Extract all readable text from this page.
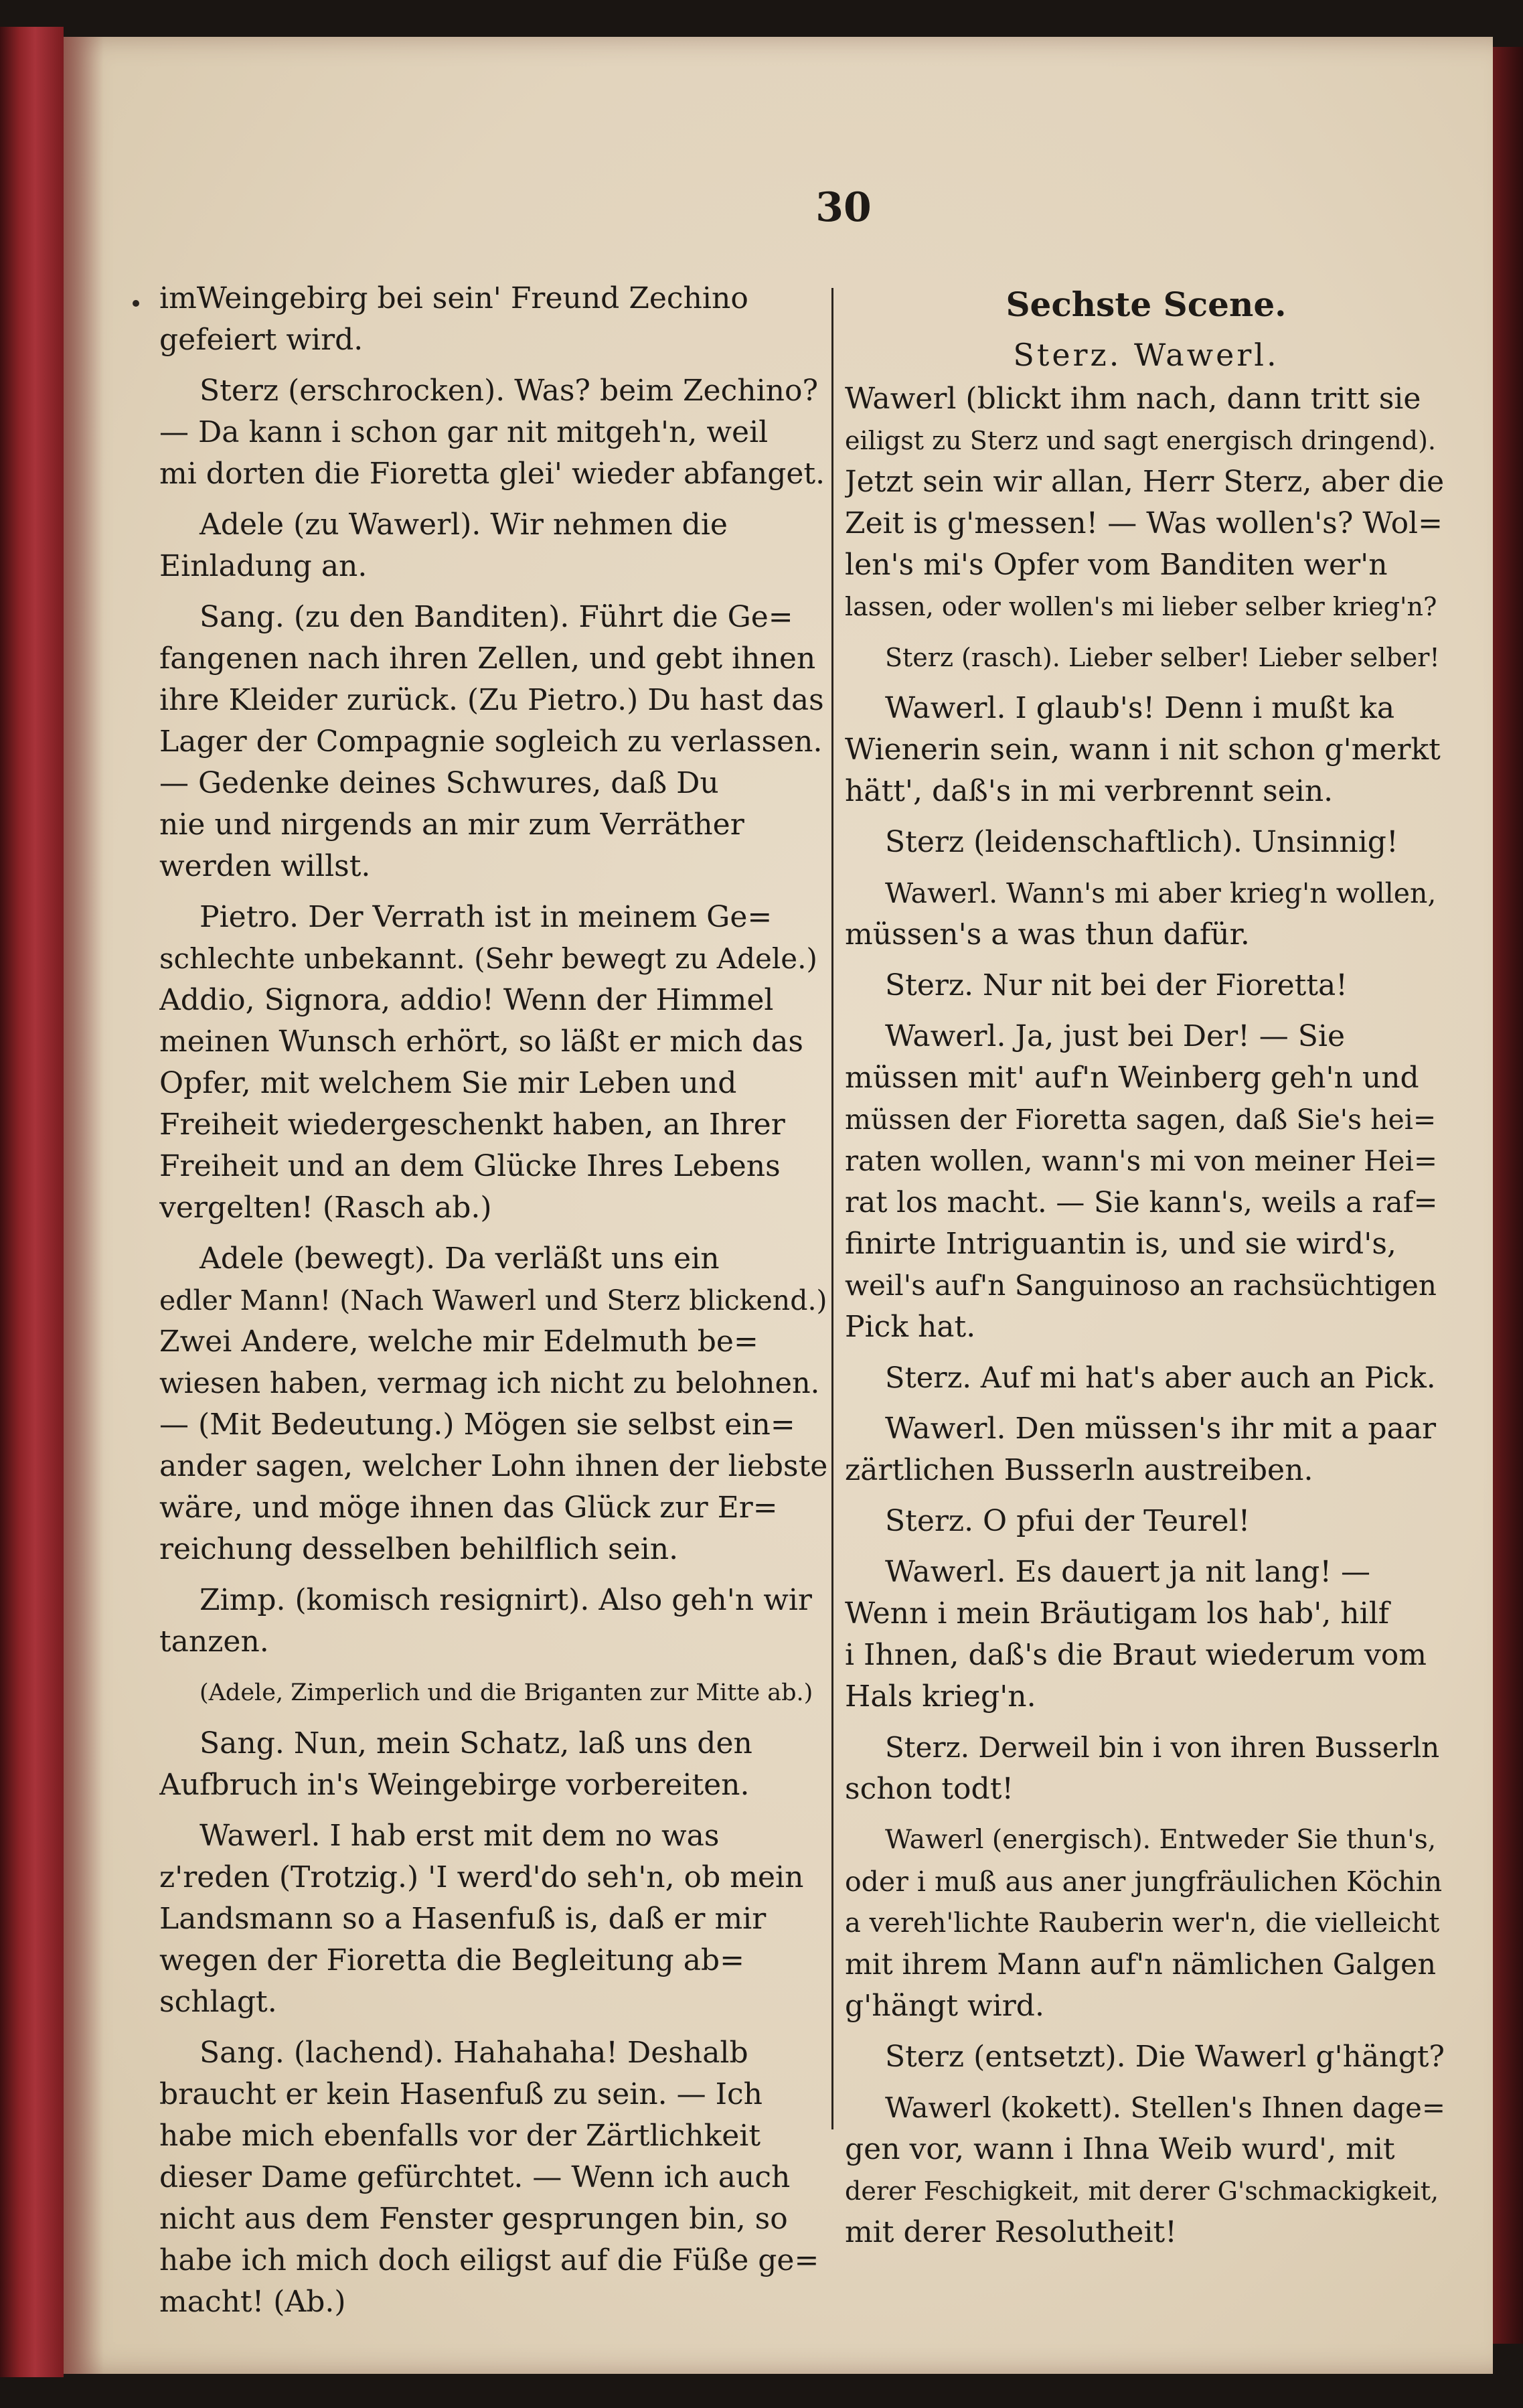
30
imWeingebirg bei sein' Freund Zechino
gefeiert wird.
Sterz (erschrocken). Was? beim Zechino?
— Da kann i schon gar nit mitgeh'n, weil
mi dorten die Fioretta glei' wieder abfanget.
Adele (zu Wawerl). Wir nehmen die
Einladung an.
Sang. (zu den Banditen). Führt die Ge=
fangenen nach ihren Zellen, und gebt ihnen
ihre Kleider zurück. (Zu Pietro.) Du hast das
Lager der Compagnie sogleich zu verlassen.
— Gedenke deines Schwures, daß Du
nie und nirgends an mir zum Verräther
werden willst.
Pietro. Der Verrath ist in meinem Ge=
schlechte unbekannt. (Sehr bewegt zu Adele.)
Addio, Signora, addio! Wenn der Himmel
meinen Wunsch erhört, so läßt er mich das
Opfer, mit welchem Sie mir Leben und
Freiheit wiedergeschenkt haben, an Ihrer
Freiheit und an dem Glücke Ihres Lebens
vergelten! (Rasch ab.)
Adele (bewegt). Da verläßt uns ein
edler Mann! (Nach Wawerl und Sterz blickend.)
Zwei Andere, welche mir Edelmuth be=
wiesen haben, vermag ich nicht zu belohnen.
— (Mit Bedeutung.) Mögen sie selbst ein=
ander sagen, welcher Lohn ihnen der liebste
wäre, und möge ihnen das Glück zur Er=
reichung desselben behilflich sein.
Zimp. (komisch resignirt). Also geh'n wir
tanzen.
(Adele, Zimperlich und die Briganten zur Mitte ab.)
Sang. Nun, mein Schatz, laß uns den
Aufbruch in's Weingebirge vorbereiten.
Wawerl. I hab erst mit dem no was
z'reden (Trotzig.) 'I werd'do seh'n, ob mein
Landsmann so a Hasenfuß is, daß er mir
wegen der Fioretta die Begleitung ab=
schlagt.
Sang. (lachend). Hahahaha! Deshalb
braucht er kein Hasenfuß zu sein. — Ich
habe mich ebenfalls vor der Zärtlichkeit
dieser Dame gefürchtet. — Wenn ich auch
nicht aus dem Fenster gesprungen bin, so
habe ich mich doch eiligst auf die Füße ge=
macht! (Ab.)
Sechste Scene.
Sterz. Wawerl.
Wawerl (blickt ihm nach, dann tritt sie
eiligst zu Sterz und sagt energisch dringend).
Jetzt sein wir allan, Herr Sterz, aber die
Zeit is g'messen! — Was wollen's? Wol=
len's mi's Opfer vom Banditen wer'n
lassen, oder wollen's mi lieber selber krieg'n?
Sterz (rasch). Lieber selber! Lieber selber!
Wawerl. I glaub's! Denn i mußt ka
Wienerin sein, wann i nit schon g'merkt
hätt', daß's in mi verbrennt sein.
Sterz (leidenschaftlich). Unsinnig!
Wawerl. Wann's mi aber krieg'n wollen,
müssen's a was thun dafür.
Sterz. Nur nit bei der Fioretta!
Wawerl. Ja, just bei Der! — Sie
müssen mit' auf'n Weinberg geh'n und
müssen der Fioretta sagen, daß Sie's hei=
raten wollen, wann's mi von meiner Hei=
rat los macht. — Sie kann's, weils a raf=
finirte Intriguantin is, und sie wird's,
weil's auf'n Sanguinoso an rachsüchtigen
Pick hat.
Sterz. Auf mi hat's aber auch an Pick.
Wawerl. Den müssen's ihr mit a paar
zärtlichen Busserln austreiben.
Sterz. O pfui der Teurel!
Wawerl. Es dauert ja nit lang! —
Wenn i mein Bräutigam los hab', hilf
i Ihnen, daß's die Braut wiederum vom
Hals krieg'n.
Sterz. Derweil bin i von ihren Busserln
schon todt!
Wawerl (energisch). Entweder Sie thun's,
oder i muß aus aner jungfräulichen Köchin
a vereh'lichte Rauberin wer'n, die vielleicht
mit ihrem Mann auf'n nämlichen Galgen
g'hängt wird.
Sterz (entsetzt). Die Wawerl g'hängt?
Wawerl (kokett). Stellen's Ihnen dage=
gen vor, wann i Ihna Weib wurd', mit
derer Feschigkeit, mit derer G'schmackigkeit,
mit derer Resolutheit!
